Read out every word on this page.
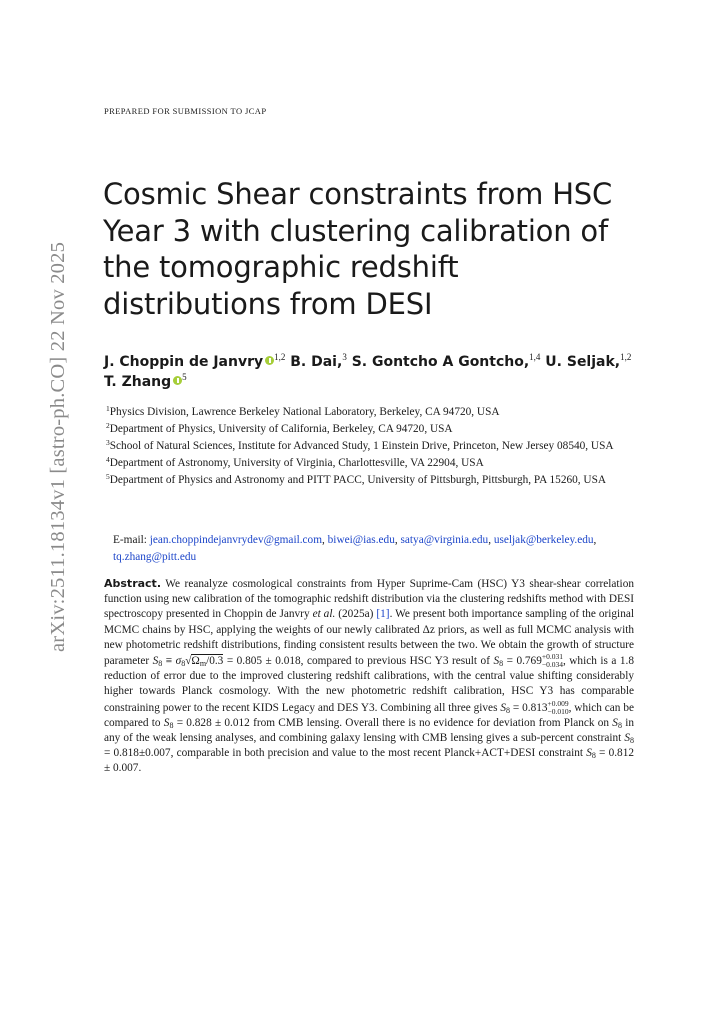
arXiv:2511.18134v1 [astro-ph.CO] 22 Nov 2025
PREPARED FOR SUBMISSION TO JCAP
Cosmic Shear constraints from HSC
Year 3 with clustering calibration of
the tomographic redshift
distributions from DESI
J. Choppin de Janvry $^{1,2}$ B. Dai,$^3$ S. Gontcho A Gontcho,$^{1,4}$ U. Seljak,$^{1,2}$ T. Zhang $^5$
$^1$Physics Division, Lawrence Berkeley National Laboratory, Berkeley, CA 94720, USA
$^2$Department of Physics, University of California, Berkeley, CA 94720, USA
$^3$School of Natural Sciences, Institute for Advanced Study, 1 Einstein Drive, Princeton, New Jersey 08540, USA
$^4$Department of Astronomy, University of Virginia, Charlottesville, VA 22904, USA
$^5$Department of Physics and Astronomy and PITT PACC, University of Pittsburgh, Pittsburgh, PA 15260, USA
E-mail: jean.choppindejanvrydev@gmail.com, biwei@ias.edu, satya@virginia.edu, useljak@berkeley.edu, tq.zhang@pitt.edu
Abstract. We reanalyze cosmological constraints from Hyper Suprime-Cam (HSC) Y3 shear-shear correlation function using new calibration of the tomographic redshift distribution via the clustering redshifts method with DESI spectroscopy presented in Choppin de Janvry et al. (2025a) [1]. We present both importance sampling of the original MCMC chains by HSC, applying the weights of our newly calibrated Δz priors, as well as full MCMC analysis with new photometric redshift distributions, finding consistent results between the two. We obtain the growth of structure parameter $S_8 \equiv \sigma_8√\Omega_m/0.3 = 0.805 \pm 0.018$, compared to previous HSC Y3 result of $S_8 = 0.769+0.031$
−0.034, which is a 1.8 reduction of error due to the improved clustering redshift calibrations, with the central value shifting considerably higher towards Planck cosmology. With the new photometric redshift calibration, HSC Y3 has comparable constraining power to the recent KIDS Legacy and DES Y3. Combining all three gives $S_8 = 0.813+0.009$
−0.010, which can be compared to $S_8 = 0.828 \pm 0.012$ from CMB lensing. Overall there is no evidence for deviation from Planck on $S_8$ in any of the weak lensing analyses, and combining galaxy lensing with CMB lensing gives a sub-percent constraint $S_8 = 0.818\pm 0.007$, comparable in both precision and value to the most recent Planck+ACT+DESI constraint $S_8 = 0.812 \pm 0.007$.
